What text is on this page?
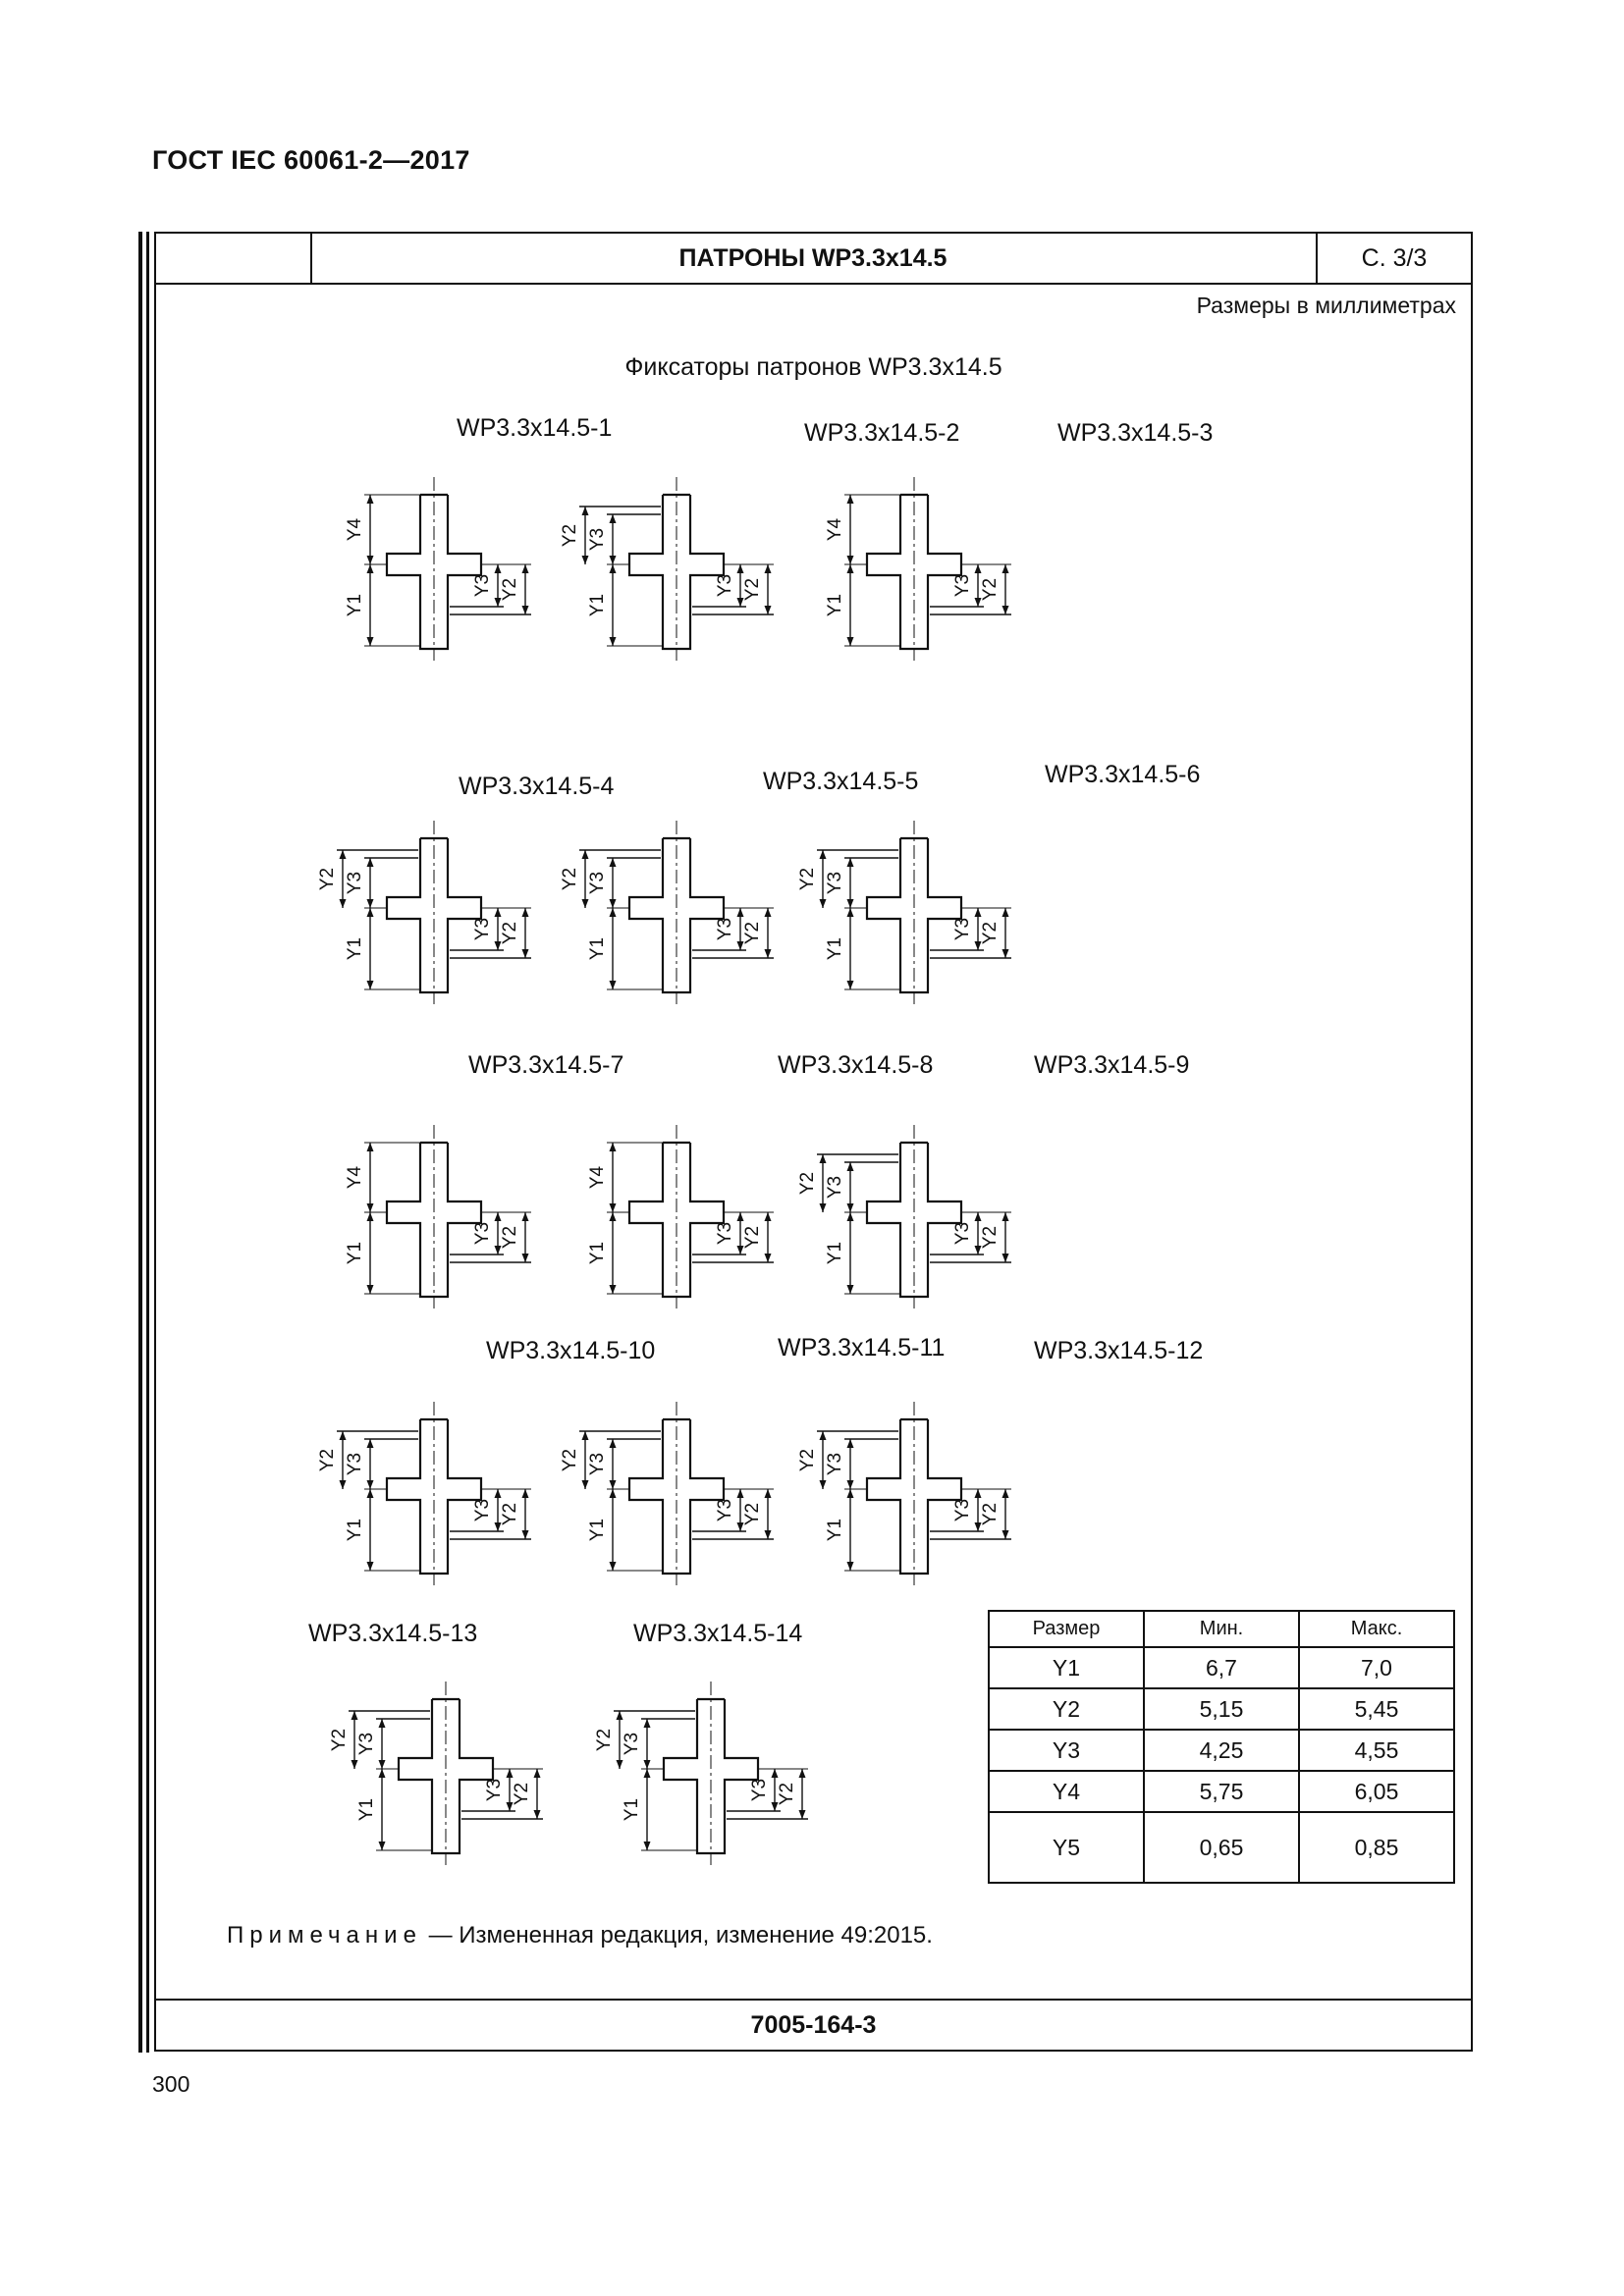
ГОСТ IEC 60061-2—2017
ПАТРОНЫ WP3.3x14.5	С. 3/3
Размеры в миллиметрах
Фиксаторы патронов WP3.3x14.5
WP3.3x14.5-1
Y4
Y1
Y3 Y2
WP3.3x14.5-2
Y3
Y2
Y1
Y3 Y2
WP3.3x14.5-3
Y4
Y1
Y3 Y2
WP3.3x14.5-4
Y3
Y2
Y1
Y3 Y2
WP3.3x14.5-5
Y3
Y2
Y1
Y3 Y2
WP3.3x14.5-6
Y3
Y2
Y1
Y3 Y2
WP3.3x14.5-7
Y4
Y1
Y3 Y2
WP3.3x14.5-8
Y4
Y1
Y3 Y2
WP3.3x14.5-9
Y3
Y2
Y1
Y3 Y2
WP3.3x14.5-10
Y3
Y2
Y1
Y3 Y2
WP3.3x14.5-11
Y3
Y2
Y1
Y3 Y2
WP3.3x14.5-12
Y3
Y2
Y1
Y3 Y2
WP3.3x14.5-13
Y3
Y2
Y1
Y3 Y2
WP3.3x14.5-14
Y3
Y2
Y1
Y3 Y2
Размер	Мин.	Макс.
Y1	6,7	7,0
Y2	5,15	5,45
Y3	4,25	4,55
Y4	5,75	6,05
Y5	0,65	0,85
Примечание — Измененная редакция, изменение 49:2015.
7005-164-3
300
